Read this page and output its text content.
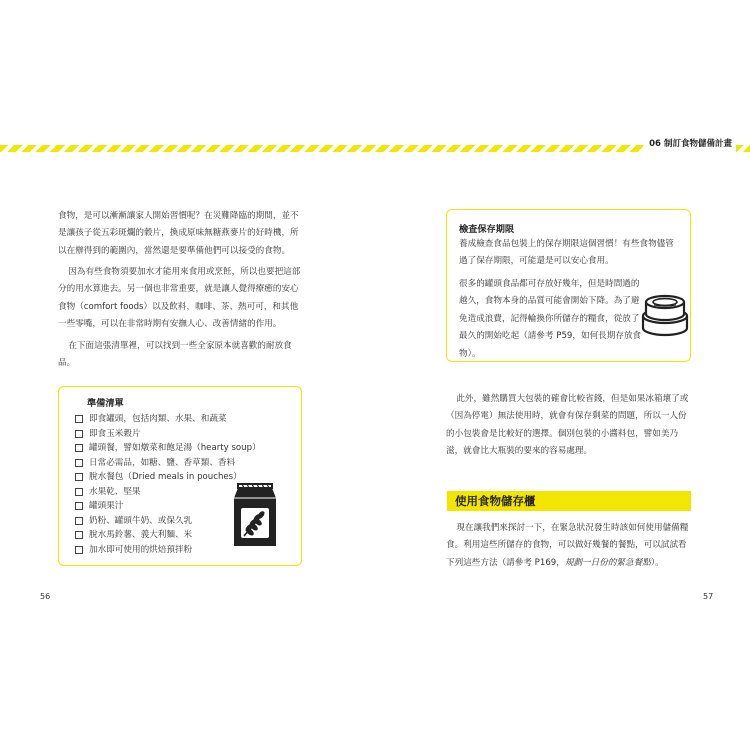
06 制訂食物儲備計畫

食物，是可以漸漸讓家人開始習慣呢？在災難降臨的期間，並不是讓孩子從五彩斑爛的穀片，換成原味無糖燕麥片的好時機，所以在辦得到的範圍內，當然還是要準備他們可以接受的食物。

因為有些食物須要加水才能用來食用或烹飪，所以也要把這部分的用水算進去。另一個也非常重要，就是讓人覺得療癒的安心食物（comfort foods）以及飲料，咖啡、茶、熱可可，和其他一些零嘴，可以在非常時期有安撫人心、改善情緒的作用。

在下面這張清單裡，可以找到一些全家原本就喜歡的耐放食品。

準備清單
即食罐頭，包括肉類、水果、和蔬菜
即食玉米穀片
罐頭餐，譬如燉菜和飽足湯（hearty soup）
日常必需品，如糖、鹽、香草類、香料
脫水餐包（Dried meals in pouches）
水果乾、堅果
罐頭果汁
奶粉、罐頭牛奶、或保久乳
脫水馬鈴薯、義大利麵、米
加水即可使用的烘焙預拌粉
56
檢查保存期限
養成檢查食品包裝上的保存期限這個習慣！有些食物儘管過了保存期限，可能還是可以安心食用。
很多的罐頭食品都可存放好幾年，但是時間過的越久，食物本身的品質可能會開始下降。為了避免造成浪費，記得輪換你所儲存的糧食，從放了最久的開始吃起（請參考 P59，如何長期存放食物）。
此外，雖然購買大包裝的確會比較省錢，但是如果冰箱壞了或（因為停電）無法使用時，就會有保存剩菜的問題，所以一人份的小包裝會是比較好的選擇。個別包裝的小醬料包，譬如美乃滋，就會比大瓶裝的要來的容易處理。
使用食物儲存櫃
現在讓我們來探討一下，在緊急狀況發生時該如何使用儲備糧食。利用這些所儲存的食物，可以做好幾餐的餐點，可以試試看下列這些方法（請參考 P169，規劃一日份的緊急餐點）。
57
